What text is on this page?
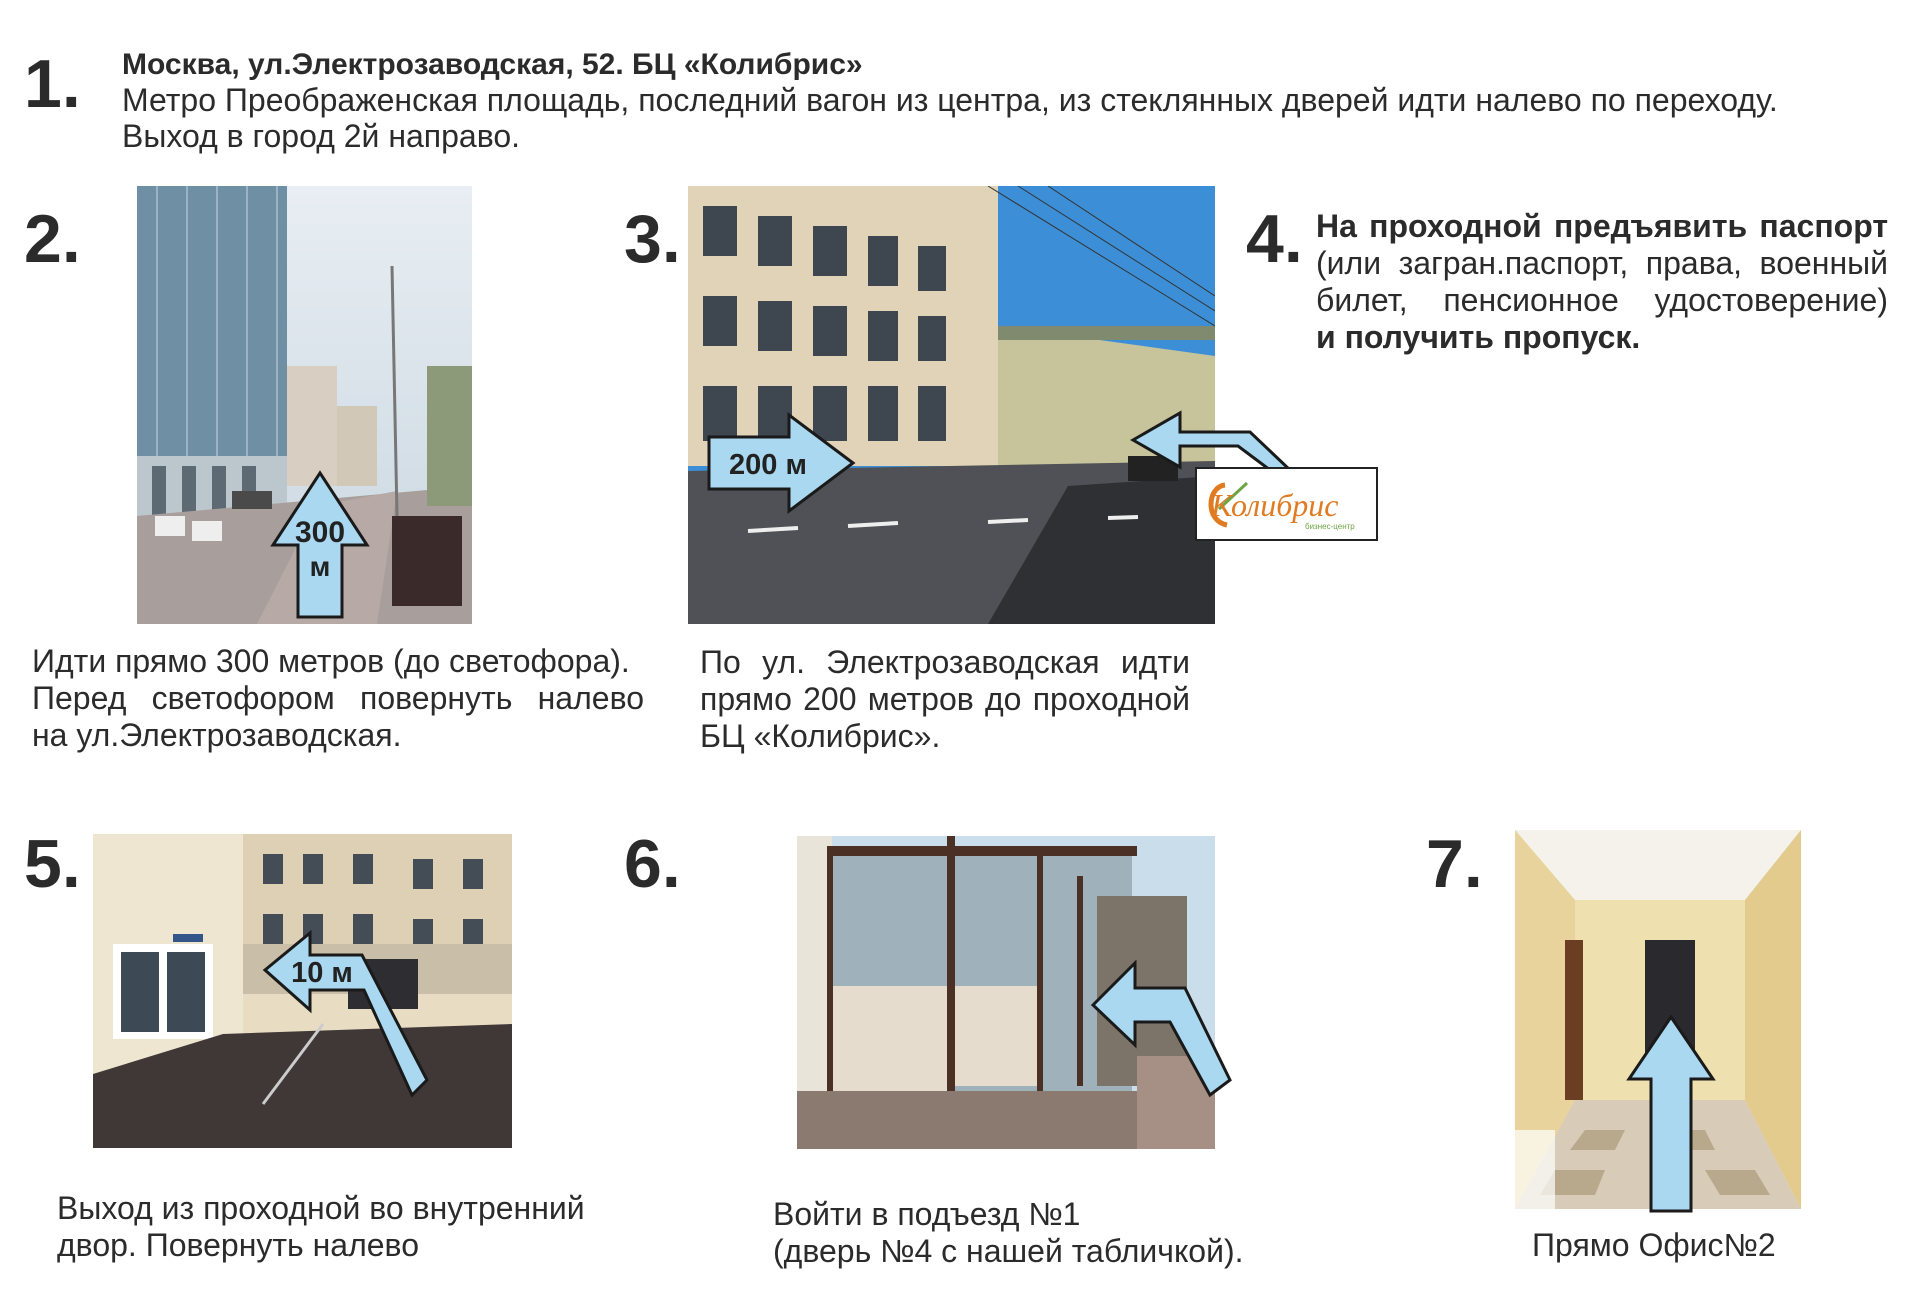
1. Москва, ул.Электрозаводская, 52. БЦ «Колибрис»
Метро Преображенская площадь, последний вагон из центра, из стеклянных дверей идти налево по переходу.
Выход в город 2й направо.
2.
300
м
Идти прямо 300 метров (до светофора).
Перед светофором повернуть налево
на ул.Электрозаводская.
3.
200 м
Колибрис
бизнес-центр
По ул. Электрозаводская идти
прямо 200 метров до проходной
БЦ «Колибрис».
4. На проходной предъявить паспорт
(или загран.паспорт, права, военный
билет, пенсионное удостоверение)
и получить пропуск.
5.
10 м
Выход из проходной во внутренний
двор. Повернуть налево
6.
Войти в подъезд №1
(дверь №4 с нашей табличкой).
7.
Прямо Офис№2
